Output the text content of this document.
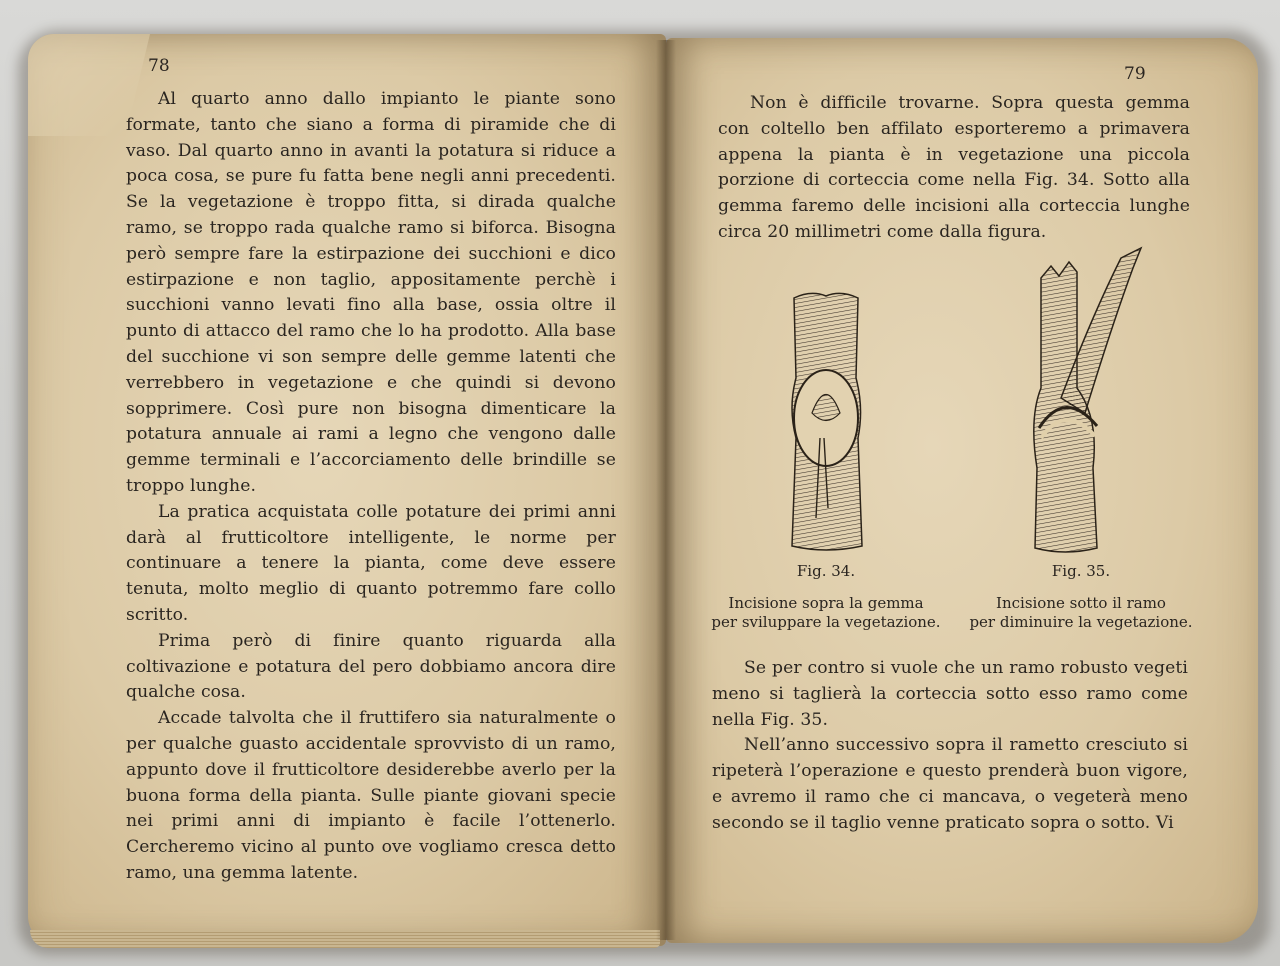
78

Al quarto anno dallo impianto le piante sono formate, tanto che siano a forma di piramide che di vaso. Dal quarto anno in avanti la potatura si riduce a poca cosa, se pure fu fatta bene negli anni precedenti. Se la vegetazione è troppo fitta, si dirada qualche ramo, se troppo rada qualche ramo si biforca. Bisogna però sempre fare la estirpazione dei succhioni e dico estirpazione e non taglio, appositamente perchè i succhioni vanno levati fino alla base, ossia oltre il punto di attacco del ramo che lo ha prodotto. Alla base del succhione vi son sempre delle gemme latenti che verrebbero in vegetazione e che quindi si devono sopprimere. Così pure non bisogna dimenticare la potatura annuale ai rami a legno che vengono dalle gemme terminali e l’accorciamento delle brindille se troppo lunghe.

La pratica acquistata colle potature dei primi anni darà al frutticoltore intelligente, le norme per continuare a tenere la pianta, come deve essere tenuta, molto meglio di quanto potremmo fare collo scritto.

Prima però di finire quanto riguarda alla coltivazione e potatura del pero dobbiamo ancora dire qualche cosa.

Accade talvolta che il fruttifero sia naturalmente o per qualche guasto accidentale sprovvisto di un ramo, appunto dove il frutticoltore desiderebbe averlo per la buona forma della pianta. Sulle piante giovani specie nei primi anni di impianto è facile l’ottenerlo. Cercheremo vicino al punto ove vogliamo cresca detto ramo, una gemma latente.

79

Non è difficile trovarne. Sopra questa gemma con coltello ben affilato esporteremo a primavera appena la pianta è in vegetazione una piccola porzione di corteccia come nella Fig. 34. Sotto alla gemma faremo delle incisioni alla corteccia lunghe circa 20 millimetri come dalla figura.

Fig. 34.
Incisione sopra la gemma
per sviluppare la vegetazione.
Fig. 35.
Incisione sotto il ramo
per diminuire la vegetazione.

Se per contro si vuole che un ramo robusto vegeti meno si taglierà la corteccia sotto esso ramo come nella Fig. 35.

Nell’anno successivo sopra il rametto cresciuto si ripeterà l’operazione e questo prenderà buon vigore, e avremo il ramo che ci mancava, o vegeterà meno secondo se il taglio venne praticato sopra o sotto. Vi
